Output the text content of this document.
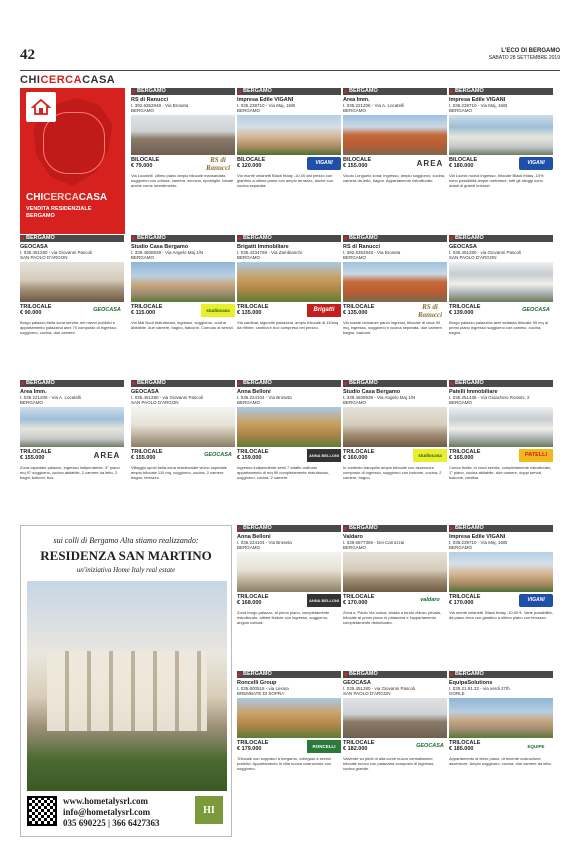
42	L'ECO DI BERGAMO
SABATO 28 SETTEMBRE 2019
CHICERCACASA
CHICERCACASA
VENDITA RESIDENZIALE BERGAMO
BERGAMO
RS di Ranucci
t. 392.6352948 - Via Broseta
BERGAMO
BILOCALE
€ 79.000
RS di Ranucci
Via Locatelli, ultimo piano ampio bilocale mansardato, soggiorno con cottura, camera, servizio, ripostiglio. Ideale anche come investimento.
BERGAMO
Impresa Edile VIGANI
t. 035.239710 - Via Maj, 16/B
BERGAMO
BILOCALE
€ 120.000	VIGANI
Via monte celanetti Black friday -10,00 dal prezzo con giardino a ultimo piano con ampio terrazzo, anche con cucina separata.
BERGAMO
Area Imm.
t. 035.221206 - Via A. Locatelli
BERGAMO
BILOCALE
€ 155.000	AREA
Vicolo Longuelo zona: ingresso, ampio soggiorno, cucina, camera da letto, bagno. Appartamento ristrutturato.
BERGAMO
Impresa Edile VIGANI
t. 035.239710 - Via Maj, 16/B
BERGAMO
BILOCALE
€ 180.000	VIGANI
Via Lochis nuova ingresso, bilocale Black friday -10% sono possibilità ampie metrature, tutti gli alloggi sono dotati di grandi terrazzi.
BERGAMO
GEOCASA
t. 035.451280 - via Giovanni Pascoli
SAN PAOLO D'ARGON
TRILOCALE
€ 90.000	GEOCASA
Borgo palazzo bella zona servita: dei mezzi pubblici e appartamento palazzina anni 70 composto di ingresso, soggiorno, cucina, due camere.
BERGAMO
Studio Casa Bergamo
t. 339.4608939 - Via Angelo Maj 1/N
BERGAMO
TRILOCALE
€ 115.000	studiocasa
Via Mai Nodi ristrutturato, ingresso, soggiorno, cucina abitabile, due camere, bagno, balcone. Comodo ai servizi.
BERGAMO
Brigatti Immobiliare
t. 035.4234758 - Via Zambianchi
BERGAMO
TRILOCALE
€ 135.000	Brigatti
Via cardinal, signorile palazzina, ampio trilocale di 110mq da rifinire, cantina e box compreso nel prezzo.
BERGAMO
RS di Ranucci
t. 392.6352948 - Via Broseta
BERGAMO
TRILOCALE
€ 135.000
RS di Ranucci
Via rosate vicinanze parco ingressi, trilocale di circa 90 mq, ingresso, soggiorno e cucina separata, due camere, bagno, balcone.
BERGAMO
GEOCASA
t. 035.451280 - via Giovanni Pascoli
SAN PAOLO D'ARGON
TRILOCALE
€ 139.000	GEOCASA
Borgo palazzo palazzina anni settanta trilocale 95 mq al primo piano ingresso soggiorno con camino, cucina, bagno.
BERGAMO
Area Imm.
t. 035.221206 - Via A. Locatelli
BERGAMO
TRILOCALE
€ 155.000	AREA
Zona ospedale palazzo, ingresso indipendente, 3° piano mq 97 soggiorno, cucina abitabile, 2 camere da letto, 2 bagni, balconi, box.
BERGAMO
GEOCASA
t. 035.451280 - via Giovanni Pascoli
SAN PAOLO D'ARGON
TRILOCALE
€ 155.000	GEOCASA
Villaggio sposi bella zona residenziale vicino ospedale ampio trilocale 110 mq, soggiorno, cucina, 2 camere, bagno, terrazzo.
BERGAMO
Anna Belloni
t. 035.224104 - Via Broseta
BERGAMO
TRILOCALE
€ 159.000	ANNA BELLONI
Ingresso indipendente semi 7 adatto ordinato appartamento di mq 90 completamente ristrutturato, soggiorno, cucina, 2 camere.
BERGAMO
Studio Casa Bergamo
t. 339.4608939 - Via Angelo Maj 1/N
BERGAMO
TRILOCALE
€ 160.000	studiocasa
In contesto tranquillo ampio trilocale con ascensore composto di ingresso, soggiorno con balcone, cucina, 2 camere, bagno.
BERGAMO
Patelli Immobiliare
t. 035.251436 - Via Gioachino Rossini, 2
BERGAMO
TRILOCALE
€ 165.000	PATELLI
Conca fiorita, in zona servita, completamente ristrutturato, 1° piano, cucina abitabile, due camere, doppi servizi, balcone, cantina.
BERGAMO
Anna Belloni
t. 035.224104 - Via Broseta
BERGAMO
TRILOCALE
€ 168.000	ANNA BELLONI
Zona borgo palazzo, al primo piano, completamente ristrutturato, ottime finiture con ingresso, soggiorno, angolo cottura.
BERGAMO
Valdaro
t. 339.6877365 - Dei Carrozzai
BERGAMO
TRILOCALE
€ 170.000	valdaro
Zona s. Paolo Via conca, strada a fondo chiuso privata, trilocale al primo piano in palazzina e l'appartamento completamente ristrutturato.
BERGAMO
Impresa Edile VIGANI
t. 035.239710 - Via Maj, 16/B
BERGAMO
TRILOCALE
€ 170.000	VIGANI
Via monte celanetti. Black friday -10,00 €. Varie possibilità, da piano terra con giardino a ultimo piano con terrazzo.
BERGAMO
Roncelli Group
t. 035.600516 - via Lesina
BREMBATE DI SOPRA
TRILOCALE
€ 179.000	RONCELLI
Trilocale con soppalco a bergamo, collegato a servizi pubblici. Appartamento in villa nuova costruzione con soggiorno.
BERGAMO
GEOCASA
t. 035.451280 - via Giovanni Pascoli
SAN PAOLO D'ARGON
TRILOCALE
€ 182.000	GEOCASA
Valverde su piedi di alta come nuovo centralissimo trilocale nuovo con palazzina composto di ingresso, cucina grande.
BERGAMO
EquipaSolutions
t. 035.21.91.22 - via verdi 27/b
GORLE
TRILOCALE
€ 185.000	EQUIPE
Appartamento al terzo piano, di recente costruzione, ascensore. Ampio soggiorno, cucina, due camere da letto.
sui colli di Bergamo Alta stiamo realizzando:
RESIDENZA SAN MARTINO
un'iniziativa Home Italy real estate
www.hometalysrl.com
info@hometalysrl.com
035 690225 | 366 6427363
HI
